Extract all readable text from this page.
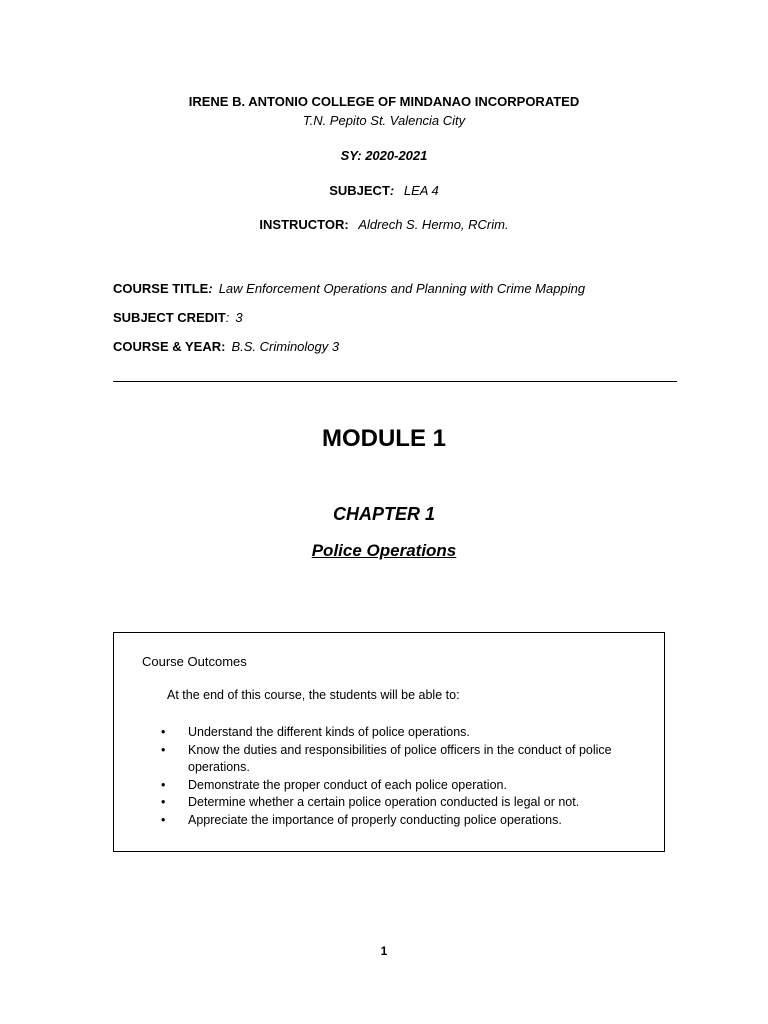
IRENE B. ANTONIO COLLEGE OF MINDANAO INCORPORATED
T.N. Pepito St. Valencia City
SY: 2020-2021
SUBJECT: LEA 4
INSTRUCTOR: Aldrech S. Hermo, RCrim.
COURSE TITLE: Law Enforcement Operations and Planning with Crime Mapping
SUBJECT CREDIT: 3
COURSE & YEAR: B.S. Criminology 3
MODULE 1
CHAPTER 1
Police Operations
Course Outcomes
At the end of this course, the students will be able to:
• Understand the different kinds of police operations.
• Know the duties and responsibilities of police officers in the conduct of police operations.
• Demonstrate the proper conduct of each police operation.
• Determine whether a certain police operation conducted is legal or not.
• Appreciate the importance of properly conducting police operations.
1
